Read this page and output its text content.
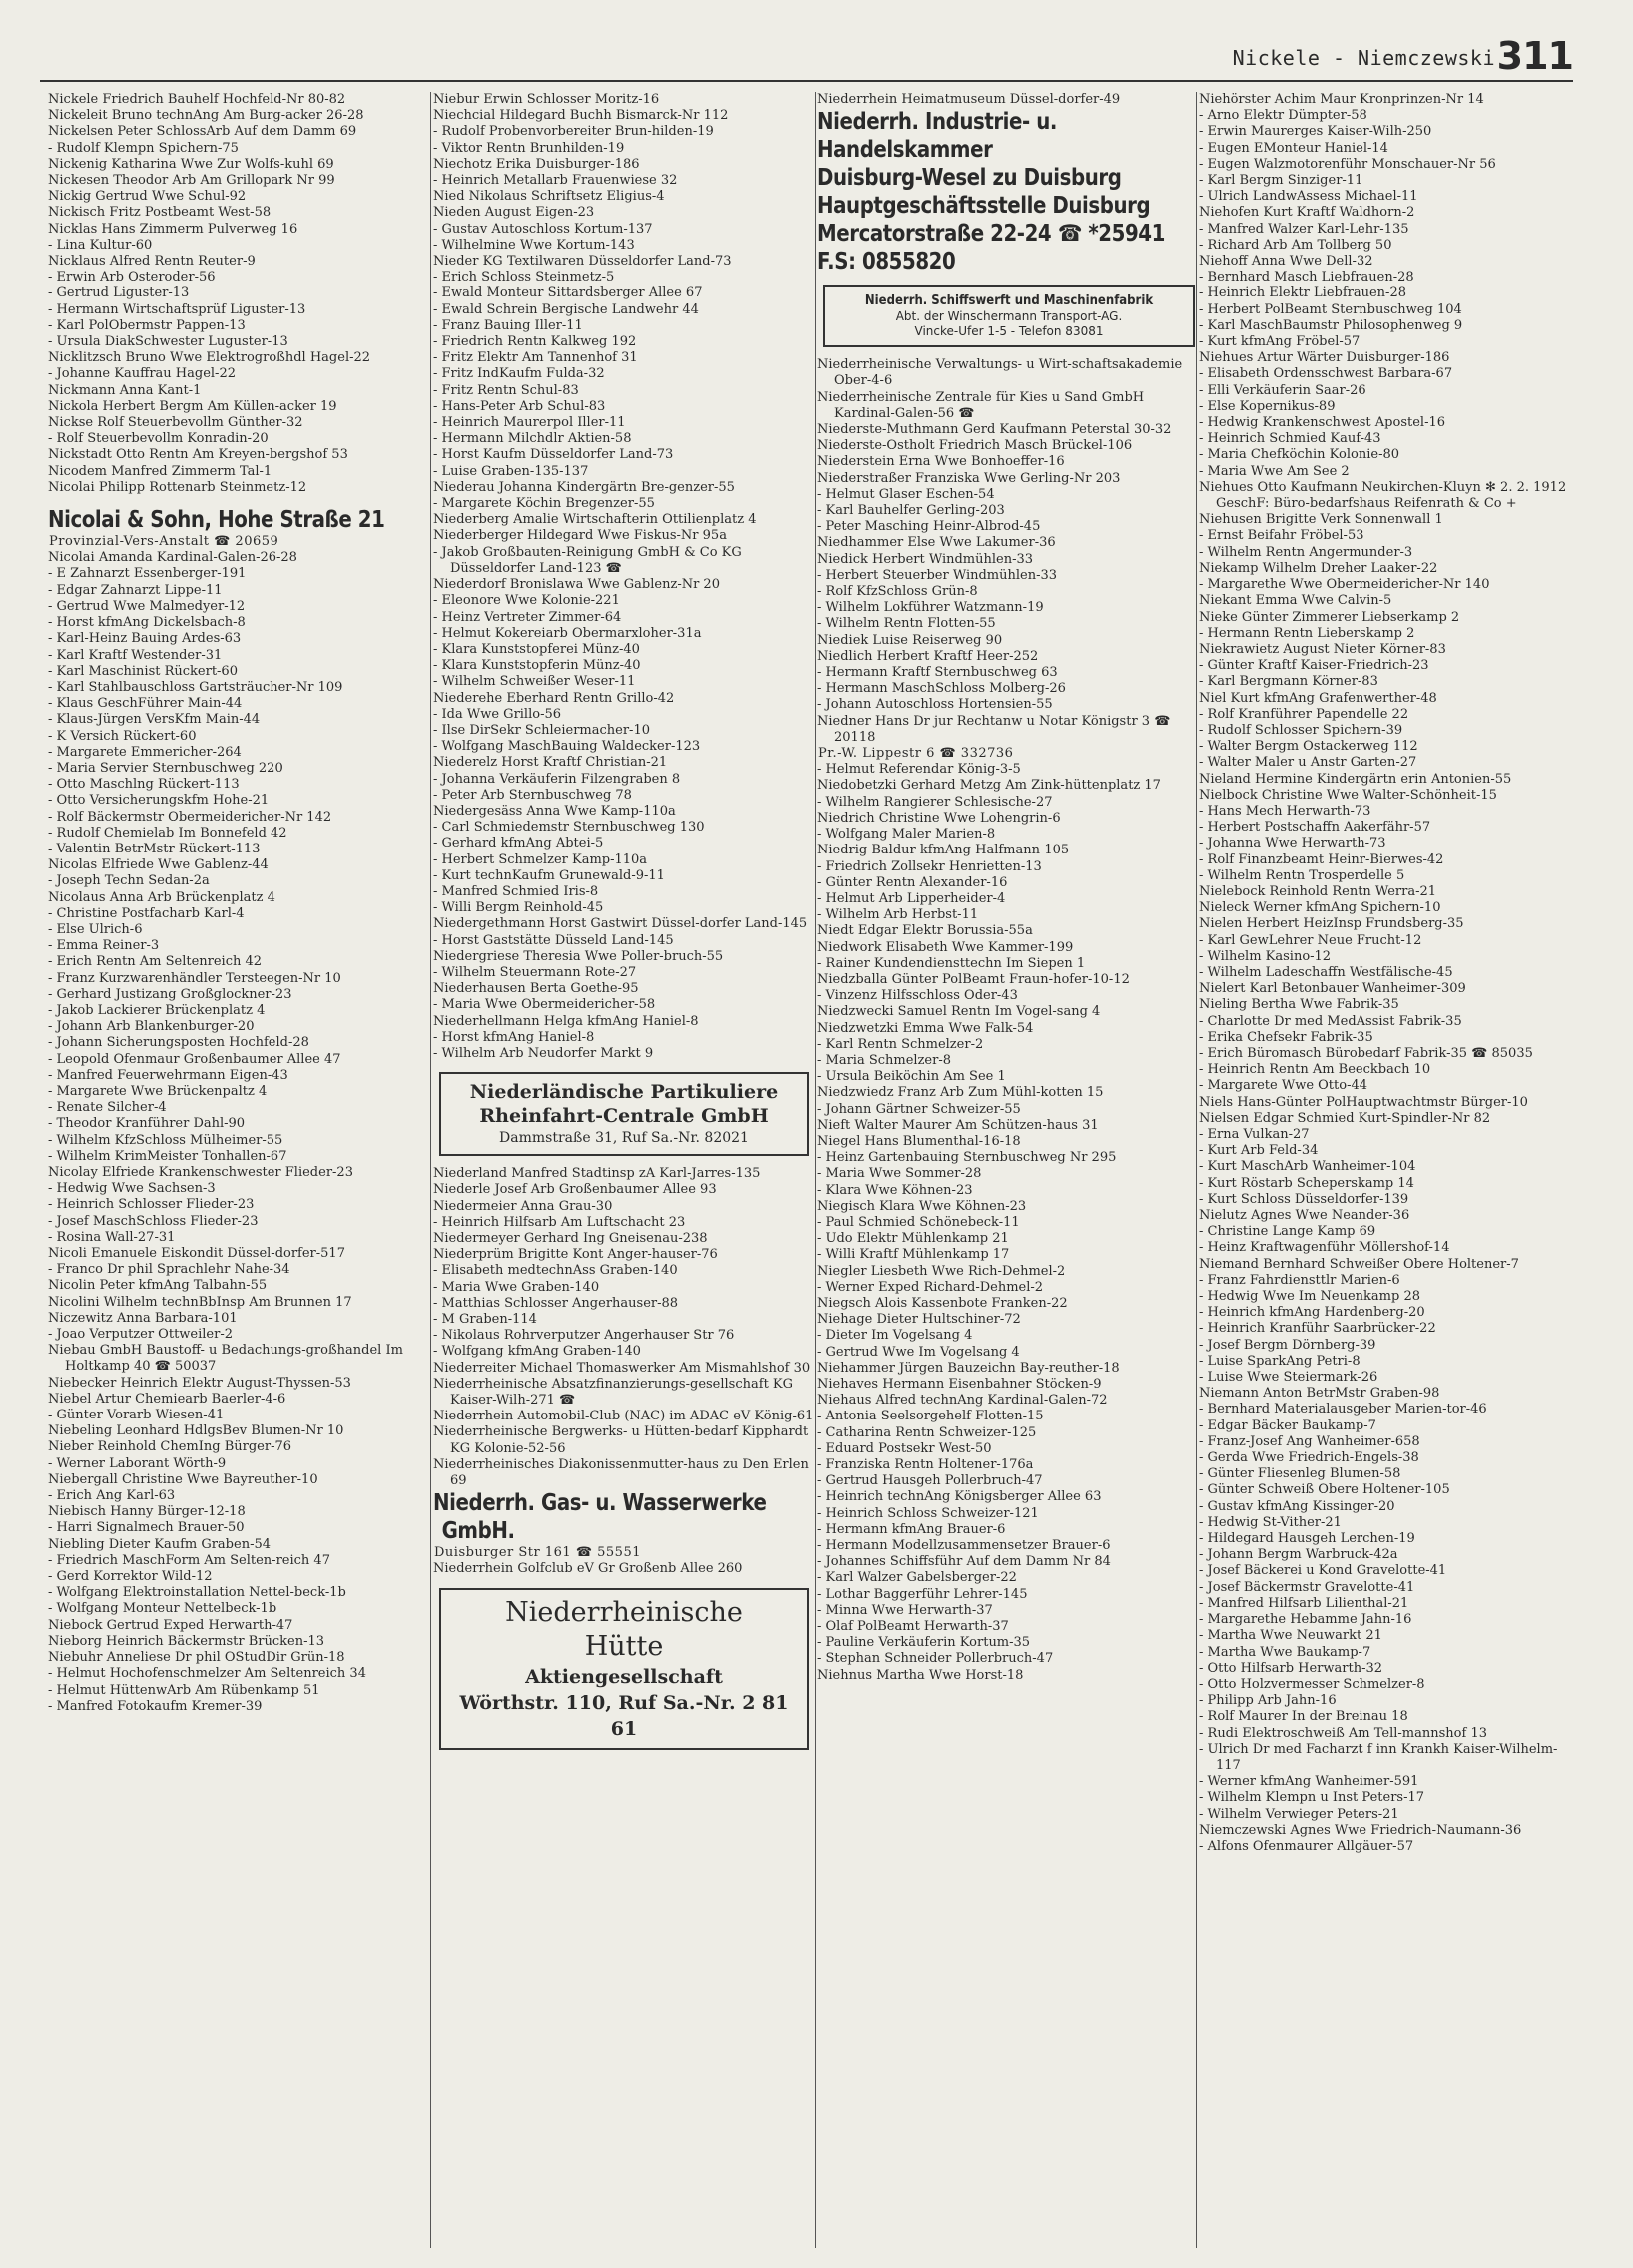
Nickele - Niemczewski 311

Nickele Friedrich Bauhelf Hochfeld-Nr 80-82

Nickeleit Bruno technAng Am Burg-acker 26-28

Nickelsen Peter SchlossArb Auf dem Damm 69

- Rudolf Klempn Spichern-75

Nickenig Katharina Wwe Zur Wolfs-kuhl 69

Nickesen Theodor Arb Am Grillopark Nr 99

Nickig Gertrud Wwe Schul-92

Nickisch Fritz Postbeamt West-58

Nicklas Hans Zimmerm Pulverweg 16

- Lina Kultur-60

Nicklaus Alfred Rentn Reuter-9

- Erwin Arb Osteroder-56

- Gertrud Liguster-13

- Hermann Wirtschaftsprüf Liguster-13

- Karl PolObermstr Pappen-13

- Ursula DiakSchwester Luguster-13

Nicklitzsch Bruno Wwe Elektrogroßhdl Hagel-22

- Johanne Kauffrau Hagel-22

Nickmann Anna Kant-1

Nickola Herbert Bergm Am Küllen-acker 19

Nickse Rolf Steuerbevollm Günther-32

- Rolf Steuerbevollm Konradin-20

Nickstadt Otto Rentn Am Kreyen-bergshof 53

Nicodem Manfred Zimmerm Tal-1

Nicolai Philipp Rottenarb Steinmetz-12

Nicolai & Sohn, Hohe Straße 21

Provinzial-Vers-Anstalt ☎ 20659

Nicolai Amanda Kardinal-Galen-26-28

- E Zahnarzt Essenberger-191

- Edgar Zahnarzt Lippe-11

- Gertrud Wwe Malmedyer-12

- Horst kfmAng Dickelsbach-8

- Karl-Heinz Bauing Ardes-63

- Karl Kraftf Westender-31

- Karl Maschinist Rückert-60

- Karl Stahlbauschloss Gartsträucher-Nr 109

- Klaus GeschFührer Main-44

- Klaus-Jürgen VersKfm Main-44

- K Versich Rückert-60

- Margarete Emmericher-264

- Maria Servier Sternbuschweg 220

- Otto Maschlng Rückert-113

- Otto Versicherungskfm Hohe-21

- Rolf Bäckermstr Obermeidericher-Nr 142

- Rudolf Chemielab Im Bonnefeld 42

- Valentin BetrMstr Rückert-113

Nicolas Elfriede Wwe Gablenz-44

- Joseph Techn Sedan-2a

Nicolaus Anna Arb Brückenplatz 4

- Christine Postfacharb Karl-4

- Else Ulrich-6

- Emma Reiner-3

- Erich Rentn Am Seltenreich 42

- Franz Kurzwarenhändler Tersteegen-Nr 10

- Gerhard Justizang Großglockner-23

- Jakob Lackierer Brückenplatz 4

- Johann Arb Blankenburger-20

- Johann Sicherungsposten Hochfeld-28

- Leopold Ofenmaur Großenbaumer Allee 47

- Manfred Feuerwehrmann Eigen-43

- Margarete Wwe Brückenpaltz 4

- Renate Silcher-4

- Theodor Kranführer Dahl-90

- Wilhelm KfzSchloss Mülheimer-55

- Wilhelm KrimMeister Tonhallen-67

Nicolay Elfriede Krankenschwester Flieder-23

- Hedwig Wwe Sachsen-3

- Heinrich Schlosser Flieder-23

- Josef MaschSchloss Flieder-23

- Rosina Wall-27-31

Nicoli Emanuele Eiskondit Düssel-dorfer-517

- Franco Dr phil Sprachlehr Nahe-34

Nicolin Peter kfmAng Talbahn-55

Nicolini Wilhelm technBbInsp Am Brunnen 17

Niczewitz Anna Barbara-101

- Joao Verputzer Ottweiler-2

Niebau GmbH Baustoff- u Bedachungs-großhandel Im Holtkamp 40 ☎ 50037

Niebecker Heinrich Elektr August-Thyssen-53

Niebel Artur Chemiearb Baerler-4-6

- Günter Vorarb Wiesen-41

Niebeling Leonhard HdlgsBev Blumen-Nr 10

Nieber Reinhold ChemIng Bürger-76

- Werner Laborant Wörth-9

Niebergall Christine Wwe Bayreuther-10

- Erich Ang Karl-63

Niebisch Hanny Bürger-12-18

- Harri Signalmech Brauer-50

Niebling Dieter Kaufm Graben-54

- Friedrich MaschForm Am Selten-reich 47

- Gerd Korrektor Wild-12

- Wolfgang Elektroinstallation Nettel-beck-1b

- Wolfgang Monteur Nettelbeck-1b

Niebock Gertrud Exped Herwarth-47

Nieborg Heinrich Bäckermstr Brücken-13

Niebuhr Anneliese Dr phil OStudDir Grün-18

- Helmut Hochofenschmelzer Am Seltenreich 34

- Helmut HüttenwArb Am Rübenkamp 51

- Manfred Fotokaufm Kremer-39

Niebur Erwin Schlosser Moritz-16

Niechcial Hildegard Buchh Bismarck-Nr 112

- Rudolf Probenvorbereiter Brun-hilden-19

- Viktor Rentn Brunhilden-19

Niechotz Erika Duisburger-186

- Heinrich Metallarb Frauenwiese 32

Nied Nikolaus Schriftsetz Eligius-4

Nieden August Eigen-23

- Gustav Autoschloss Kortum-137

- Wilhelmine Wwe Kortum-143

Nieder KG Textilwaren Düsseldorfer Land-73

- Erich Schloss Steinmetz-5

- Ewald Monteur Sittardsberger Allee 67

- Ewald Schrein Bergische Landwehr 44

- Franz Bauing Iller-11

- Friedrich Rentn Kalkweg 192

- Fritz Elektr Am Tannenhof 31

- Fritz IndKaufm Fulda-32

- Fritz Rentn Schul-83

- Hans-Peter Arb Schul-83

- Heinrich Maurerpol Iller-11

- Hermann Milchdlr Aktien-58

- Horst Kaufm Düsseldorfer Land-73

- Luise Graben-135-137

Niederau Johanna Kindergärtn Bre-genzer-55

- Margarete Köchin Bregenzer-55

Niederberg Amalie Wirtschafterin Ottilienplatz 4

Niederberger Hildegard Wwe Fiskus-Nr 95a

- Jakob Großbauten-Reinigung GmbH & Co KG Düsseldorfer Land-123 ☎

Niederdorf Bronislawa Wwe Gablenz-Nr 20

- Eleonore Wwe Kolonie-221

- Heinz Vertreter Zimmer-64

- Helmut Kokereiarb Obermarxloher-31a

- Klara Kunststopferei Münz-40

- Klara Kunststopferin Münz-40

- Wilhelm Schweißer Weser-11

Niederehe Eberhard Rentn Grillo-42

- Ida Wwe Grillo-56

- Ilse DirSekr Schleiermacher-10

- Wolfgang MaschBauing Waldecker-123

Niederelz Horst Kraftf Christian-21

- Johanna Verkäuferin Filzengraben 8

- Peter Arb Sternbuschweg 78

Niedergesäss Anna Wwe Kamp-110a

- Carl Schmiedemstr Sternbuschweg 130

- Gerhard kfmAng Abtei-5

- Herbert Schmelzer Kamp-110a

- Kurt technKaufm Grunewald-9-11

- Manfred Schmied Iris-8

- Willi Bergm Reinhold-45

Niedergethmann Horst Gastwirt Düssel-dorfer Land-145

- Horst Gaststätte Düsseld Land-145

Niedergriese Theresia Wwe Poller-bruch-55

- Wilhelm Steuermann Rote-27

Niederhausen Berta Goethe-95

- Maria Wwe Obermeidericher-58

Niederhellmann Helga kfmAng Haniel-8

- Horst kfmAng Haniel-8

- Wilhelm Arb Neudorfer Markt 9

Niederländische Partikuliere
Rheinfahrt-Centrale GmbH
Dammstraße 31, Ruf Sa.-Nr. 82021

Niederland Manfred Stadtinsp zA Karl-Jarres-135

Niederle Josef Arb Großenbaumer Allee 93

Niedermeier Anna Grau-30

- Heinrich Hilfsarb Am Luftschacht 23

Niedermeyer Gerhard Ing Gneisenau-238

Niederprüm Brigitte Kont Anger-hauser-76

- Elisabeth medtechnAss Graben-140

- Maria Wwe Graben-140

- Matthias Schlosser Angerhauser-88

- M Graben-114

- Nikolaus Rohrverputzer Angerhauser Str 76

- Wolfgang kfmAng Graben-140

Niederreiter Michael Thomaswerker Am Mismahlshof 30

Niederrheinische Absatzfinanzierungs-gesellschaft KG Kaiser-Wilh-271 ☎

Niederrhein Automobil-Club (NAC) im ADAC eV König-61

Niederrheinische Bergwerks- u Hütten-bedarf Kipphardt KG Kolonie-52-56

Niederrheinisches Diakonissenmutter-haus zu Den Erlen 69

Niederrh. Gas- u. Wasserwerke
GmbH.

Duisburger Str 161 ☎ 55551

Niederrhein Golfclub eV Gr Großenb Allee 260

Niederrheinische
Hütte
Aktiengesellschaft
Wörthstr. 110, Ruf Sa.-Nr. 2 81 61

Niederrhein Heimatmuseum Düssel-dorfer-49

Niederrh. Industrie- u.
Handelskammer
Duisburg-Wesel zu Duisburg
Hauptgeschäftsstelle Duisburg
Mercatorstraße 22-24 ☎ *25941
F.S: 0855820
Niederrh. Schiffswerft und Maschinenfabrik
Abt. der Winschermann Transport-AG.
Vincke-Ufer 1-5 - Telefon 83081

Niederrheinische Verwaltungs- u Wirt-schaftsakademie Ober-4-6

Niederrheinische Zentrale für Kies u Sand GmbH Kardinal-Galen-56 ☎

Niederste-Muthmann Gerd Kaufmann Peterstal 30-32

Niederste-Ostholt Friedrich Masch Brückel-106

Niederstein Erna Wwe Bonhoeffer-16

Niederstraßer Franziska Wwe Gerling-Nr 203

- Helmut Glaser Eschen-54

- Karl Bauhelfer Gerling-203

- Peter Masching Heinr-Albrod-45

Niedhammer Else Wwe Lakumer-36

Niedick Herbert Windmühlen-33

- Herbert Steuerber Windmühlen-33

- Rolf KfzSchloss Grün-8

- Wilhelm Lokführer Watzmann-19

- Wilhelm Rentn Flotten-55

Niediek Luise Reiserweg 90

Niedlich Herbert Kraftf Heer-252

- Hermann Kraftf Sternbuschweg 63

- Hermann MaschSchloss Molberg-26

- Johann Autoschloss Hortensien-55

Niedner Hans Dr jur Rechtanw u Notar Königstr 3 ☎ 20118

Pr.-W. Lippestr 6 ☎ 332736

- Helmut Referendar König-3-5

Niedobetzki Gerhard Metzg Am Zink-hüttenplatz 17

- Wilhelm Rangierer Schlesische-27

Niedrich Christine Wwe Lohengrin-6

- Wolfgang Maler Marien-8

Niedrig Baldur kfmAng Halfmann-105

- Friedrich Zollsekr Henrietten-13

- Günter Rentn Alexander-16

- Helmut Arb Lipperheider-4

- Wilhelm Arb Herbst-11

Niedt Edgar Elektr Borussia-55a

Niedwork Elisabeth Wwe Kammer-199

- Rainer Kundendiensttechn Im Siepen 1

Niedzballa Günter PolBeamt Fraun-hofer-10-12

- Vinzenz Hilfsschloss Oder-43

Niedzwecki Samuel Rentn Im Vogel-sang 4

Niedzwetzki Emma Wwe Falk-54

- Karl Rentn Schmelzer-2

- Maria Schmelzer-8

- Ursula Beiköchin Am See 1

Niedzwiedz Franz Arb Zum Mühl-kotten 15

- Johann Gärtner Schweizer-55

Nieft Walter Maurer Am Schützen-haus 31

Niegel Hans Blumenthal-16-18

- Heinz Gartenbauing Sternbuschweg Nr 295

- Maria Wwe Sommer-28

- Klara Wwe Köhnen-23

Niegisch Klara Wwe Köhnen-23

- Paul Schmied Schönebeck-11

- Udo Elektr Mühlenkamp 21

- Willi Kraftf Mühlenkamp 17

Niegler Liesbeth Wwe Rich-Dehmel-2

- Werner Exped Richard-Dehmel-2

Niegsch Alois Kassenbote Franken-22

Niehage Dieter Hultschiner-72

- Dieter Im Vogelsang 4

- Gertrud Wwe Im Vogelsang 4

Niehammer Jürgen Bauzeichn Bay-reuther-18

Niehaves Hermann Eisenbahner Stöcken-9

Niehaus Alfred technAng Kardinal-Galen-72

- Antonia Seelsorgehelf Flotten-15

- Catharina Rentn Schweizer-125

- Eduard Postsekr West-50

- Franziska Rentn Holtener-176a

- Gertrud Hausgeh Pollerbruch-47

- Heinrich technAng Königsberger Allee 63

- Heinrich Schloss Schweizer-121

- Hermann kfmAng Brauer-6

- Hermann Modellzusammensetzer Brauer-6

- Johannes Schiffsführ Auf dem Damm Nr 84

- Karl Walzer Gabelsberger-22

- Lothar Baggerführ Lehrer-145

- Minna Wwe Herwarth-37

- Olaf PolBeamt Herwarth-37

- Pauline Verkäuferin Kortum-35

- Stephan Schneider Pollerbruch-47

Niehnus Martha Wwe Horst-18

Niehörster Achim Maur Kronprinzen-Nr 14

- Arno Elektr Dümpter-58

- Erwin Maurerges Kaiser-Wilh-250

- Eugen EMonteur Haniel-14

- Eugen Walzmotorenführ Monschauer-Nr 56

- Karl Bergm Sinziger-11

- Ulrich LandwAssess Michael-11

Niehofen Kurt Kraftf Waldhorn-2

- Manfred Walzer Karl-Lehr-135

- Richard Arb Am Tollberg 50

Niehoff Anna Wwe Dell-32

- Bernhard Masch Liebfrauen-28

- Heinrich Elektr Liebfrauen-28

- Herbert PolBeamt Sternbuschweg 104

- Karl MaschBaumstr Philosophenweg 9

- Kurt kfmAng Fröbel-57

Niehues Artur Wärter Duisburger-186

- Elisabeth Ordensschwest Barbara-67

- Elli Verkäuferin Saar-26

- Else Kopernikus-89

- Hedwig Krankenschwest Apostel-16

- Heinrich Schmied Kauf-43

- Maria Chefköchin Kolonie-80

- Maria Wwe Am See 2

Niehues Otto Kaufmann Neukirchen-Kluyn ✻ 2. 2. 1912 GeschF: Büro-bedarfshaus Reifenrath & Co +

Niehusen Brigitte Verk Sonnenwall 1

- Ernst Beifahr Fröbel-53

- Wilhelm Rentn Angermunder-3

Niekamp Wilhelm Dreher Laaker-22

- Margarethe Wwe Obermeidericher-Nr 140

Niekant Emma Wwe Calvin-5

Nieke Günter Zimmerer Liebserkamp 2

- Hermann Rentn Lieberskamp 2

Niekrawietz August Nieter Körner-83

- Günter Kraftf Kaiser-Friedrich-23

- Karl Bergmann Körner-83

Niel Kurt kfmAng Grafenwerther-48

- Rolf Kranführer Papendelle 22

- Rudolf Schlosser Spichern-39

- Walter Bergm Ostackerweg 112

- Walter Maler u Anstr Garten-27

Nieland Hermine Kindergärtn erin Antonien-55

Nielbock Christine Wwe Walter-Schönheit-15

- Hans Mech Herwarth-73

- Herbert Postschaffn Aakerfähr-57

- Johanna Wwe Herwarth-73

- Rolf Finanzbeamt Heinr-Bierwes-42

- Wilhelm Rentn Trosperdelle 5

Nielebock Reinhold Rentn Werra-21

Nieleck Werner kfmAng Spichern-10

Nielen Herbert HeizInsp Frundsberg-35

- Karl GewLehrer Neue Frucht-12

- Wilhelm Kasino-12

- Wilhelm Ladeschaffn Westfälische-45

Nielert Karl Betonbauer Wanheimer-309

Nieling Bertha Wwe Fabrik-35

- Charlotte Dr med MedAssist Fabrik-35

- Erika Chefsekr Fabrik-35

- Erich Büromasch Bürobedarf Fabrik-35 ☎ 85035

- Heinrich Rentn Am Beeckbach 10

- Margarete Wwe Otto-44

Niels Hans-Günter PolHauptwachtmstr Bürger-10

Nielsen Edgar Schmied Kurt-Spindler-Nr 82

- Erna Vulkan-27

- Kurt Arb Feld-34

- Kurt MaschArb Wanheimer-104

- Kurt Röstarb Scheperskamp 14

- Kurt Schloss Düsseldorfer-139

Nielutz Agnes Wwe Neander-36

- Christine Lange Kamp 69

- Heinz Kraftwagenführ Möllershof-14

Niemand Bernhard Schweißer Obere Holtener-7

- Franz Fahrdiensttlr Marien-6

- Hedwig Wwe Im Neuenkamp 28

- Heinrich kfmAng Hardenberg-20

- Heinrich Kranführ Saarbrücker-22

- Josef Bergm Dörnberg-39

- Luise SparkAng Petri-8

- Luise Wwe Steiermark-26

Niemann Anton BetrMstr Graben-98

- Bernhard Materialausgeber Marien-tor-46

- Edgar Bäcker Baukamp-7

- Franz-Josef Ang Wanheimer-658

- Gerda Wwe Friedrich-Engels-38

- Günter Fliesenleg Blumen-58

- Günter Schweiß Obere Holtener-105

- Gustav kfmAng Kissinger-20

- Hedwig St-Vither-21

- Hildegard Hausgeh Lerchen-19

- Johann Bergm Warbruck-42a

- Josef Bäckerei u Kond Gravelotte-41

- Josef Bäckermstr Gravelotte-41

- Manfred Hilfsarb Lilienthal-21

- Margarethe Hebamme Jahn-16

- Martha Wwe Neuwarkt 21

- Martha Wwe Baukamp-7

- Otto Hilfsarb Herwarth-32

- Otto Holzvermesser Schmelzer-8

- Philipp Arb Jahn-16

- Rolf Maurer In der Breinau 18

- Rudi Elektroschweiß Am Tell-mannshof 13

- Ulrich Dr med Facharzt f inn Krankh Kaiser-Wilhelm-117

- Werner kfmAng Wanheimer-591

- Wilhelm Klempn u Inst Peters-17

- Wilhelm Verwieger Peters-21

Niemczewski Agnes Wwe Friedrich-Naumann-36

- Alfons Ofenmaurer Allgäuer-57
